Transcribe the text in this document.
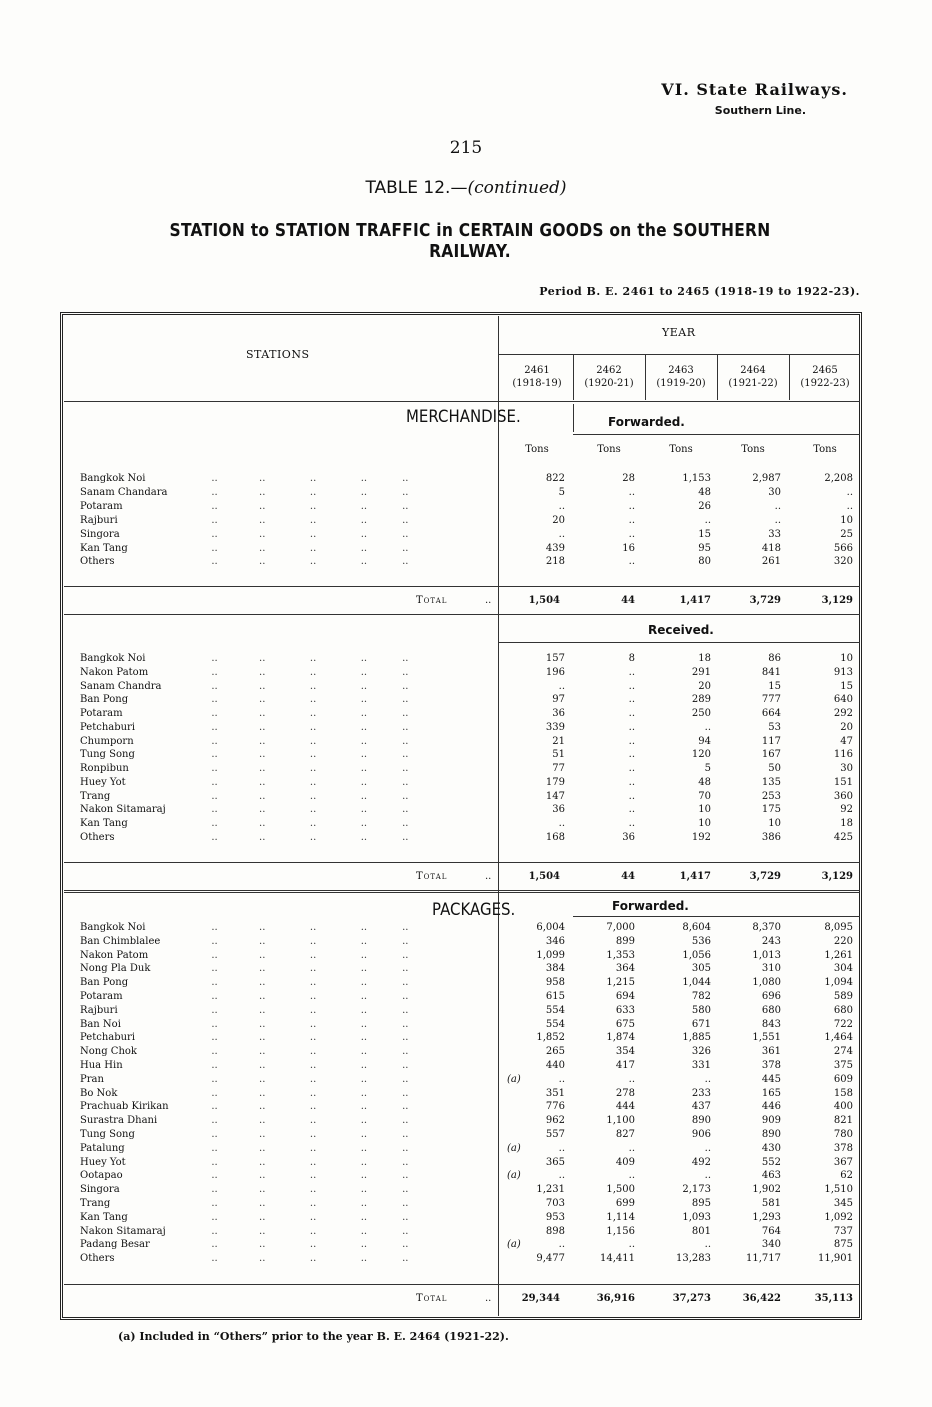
VI. State Railways.
Southern Line.
215
TABLE 12.—(continued)
STATION to STATION TRAFFIC in CERTAIN GOODS on the SOUTHERN RAILWAY.
Period B. E. 2461 to 2465 (1918-19 to 1922-23).
STATIONS
YEAR
2461
(1918-19)
2462
(1920-21)
2463
(1919-20)
2464
(1921-22)
2465
(1922-23)
MERCHANDISE.	Forwarded.
Tons	Tons	Tons	Tons	Tons
Bangkok Noi	..             ..              ..              ..           ..	822	28	1,153	2,987	2,208
Sanam Chandara	..             ..              ..              ..           ..	5	..	48	30	..
Potaram	..             ..              ..              ..           ..	..	..	26	..	..
Rajburi	..             ..              ..              ..           ..	20	..	..	..	10
Singora	..             ..              ..              ..           ..	..	..	15	33	25
Kan Tang	..             ..              ..              ..           ..	439	16	95	418	566
Others	..             ..              ..              ..           ..	218	..	80	261	320
Total	..	1,504	44	1,417	3,729	3,129
Bangkok Noi	..             ..              ..              ..           ..	157	8	18	86	10
Nakon Patom	..             ..              ..              ..           ..	196	..	291	841	913
Sanam Chandra	..             ..              ..              ..           ..	..	..	20	15	15
Ban Pong	..             ..              ..              ..           ..	97	..	289	777	640
Potaram	..             ..              ..              ..           ..	36	..	250	664	292
Petchaburi	..             ..              ..              ..           ..	339	..	..	53	20
Chumporn	..             ..              ..              ..           ..	21	..	94	117	47
Tung Song	..             ..              ..              ..           ..	51	..	120	167	116
Ronpibun	..             ..              ..              ..           ..	77	..	5	50	30
Huey Yot	..             ..              ..              ..           ..	179	..	48	135	151
Trang	..             ..              ..              ..           ..	147	..	70	253	360
Nakon Sitamaraj	..             ..              ..              ..           ..	36	..	10	175	92
Kan Tang	..             ..              ..              ..           ..	..	..	10	10	18
Others	..             ..              ..              ..           ..	168	36	192	386	425
Total	..	1,504	44	1,417	3,729	3,129
Bangkok Noi	..             ..              ..              ..           ..	6,004	7,000	8,604	8,370	8,095
Ban Chimblalee	..             ..              ..              ..           ..	346	899	536	243	220
Nakon Patom	..             ..              ..              ..           ..	1,099	1,353	1,056	1,013	1,261
Nong Pla Duk	..             ..              ..              ..           ..	384	364	305	310	304
Ban Pong	..             ..              ..              ..           ..	958	1,215	1,044	1,080	1,094
Potaram	..             ..              ..              ..           ..	615	694	782	696	589
Rajburi	..             ..              ..              ..           ..	554	633	580	680	680
Ban Noi	..             ..              ..              ..           ..	554	675	671	843	722
Petchaburi	..             ..              ..              ..           ..	1,852	1,874	1,885	1,551	1,464
Nong Chok	..             ..              ..              ..           ..	265	354	326	361	274
Hua Hin	..             ..              ..              ..           ..	440	417	331	378	375
Pran	..             ..              ..              ..           ..	(a)	..	..	..	445	609
Bo Nok	..             ..              ..              ..           ..	351	278	233	165	158
Prachuab Kirikan	..             ..              ..              ..           ..	776	444	437	446	400
Surastra Dhani	..             ..              ..              ..           ..	962	1,100	890	909	821
Tung Song	..             ..              ..              ..           ..	557	827	906	890	780
Patalung	..             ..              ..              ..           ..	(a)	..	..	..	430	378
Huey Yot	..             ..              ..              ..           ..	365	409	492	552	367
Ootapao	..             ..              ..              ..           ..	(a)	..	..	..	463	62
Singora	..             ..              ..              ..           ..	1,231	1,500	2,173	1,902	1,510
Trang	..             ..              ..              ..           ..	703	699	895	581	345
Kan Tang	..             ..              ..              ..           ..	953	1,114	1,093	1,293	1,092
Nakon Sitamaraj	..             ..              ..              ..           ..	898	1,156	801	764	737
Padang Besar	..             ..              ..              ..           ..	(a)	..	..	..	340	875
Others	..             ..              ..              ..           ..	9,477	14,411	13,283	11,717	11,901
Total	..	29,344	36,916	37,273	36,422	35,113
Received.
PACKAGES.	Forwarded.
(a) Included in “Others” prior to the year B. E. 2464 (1921-22).
